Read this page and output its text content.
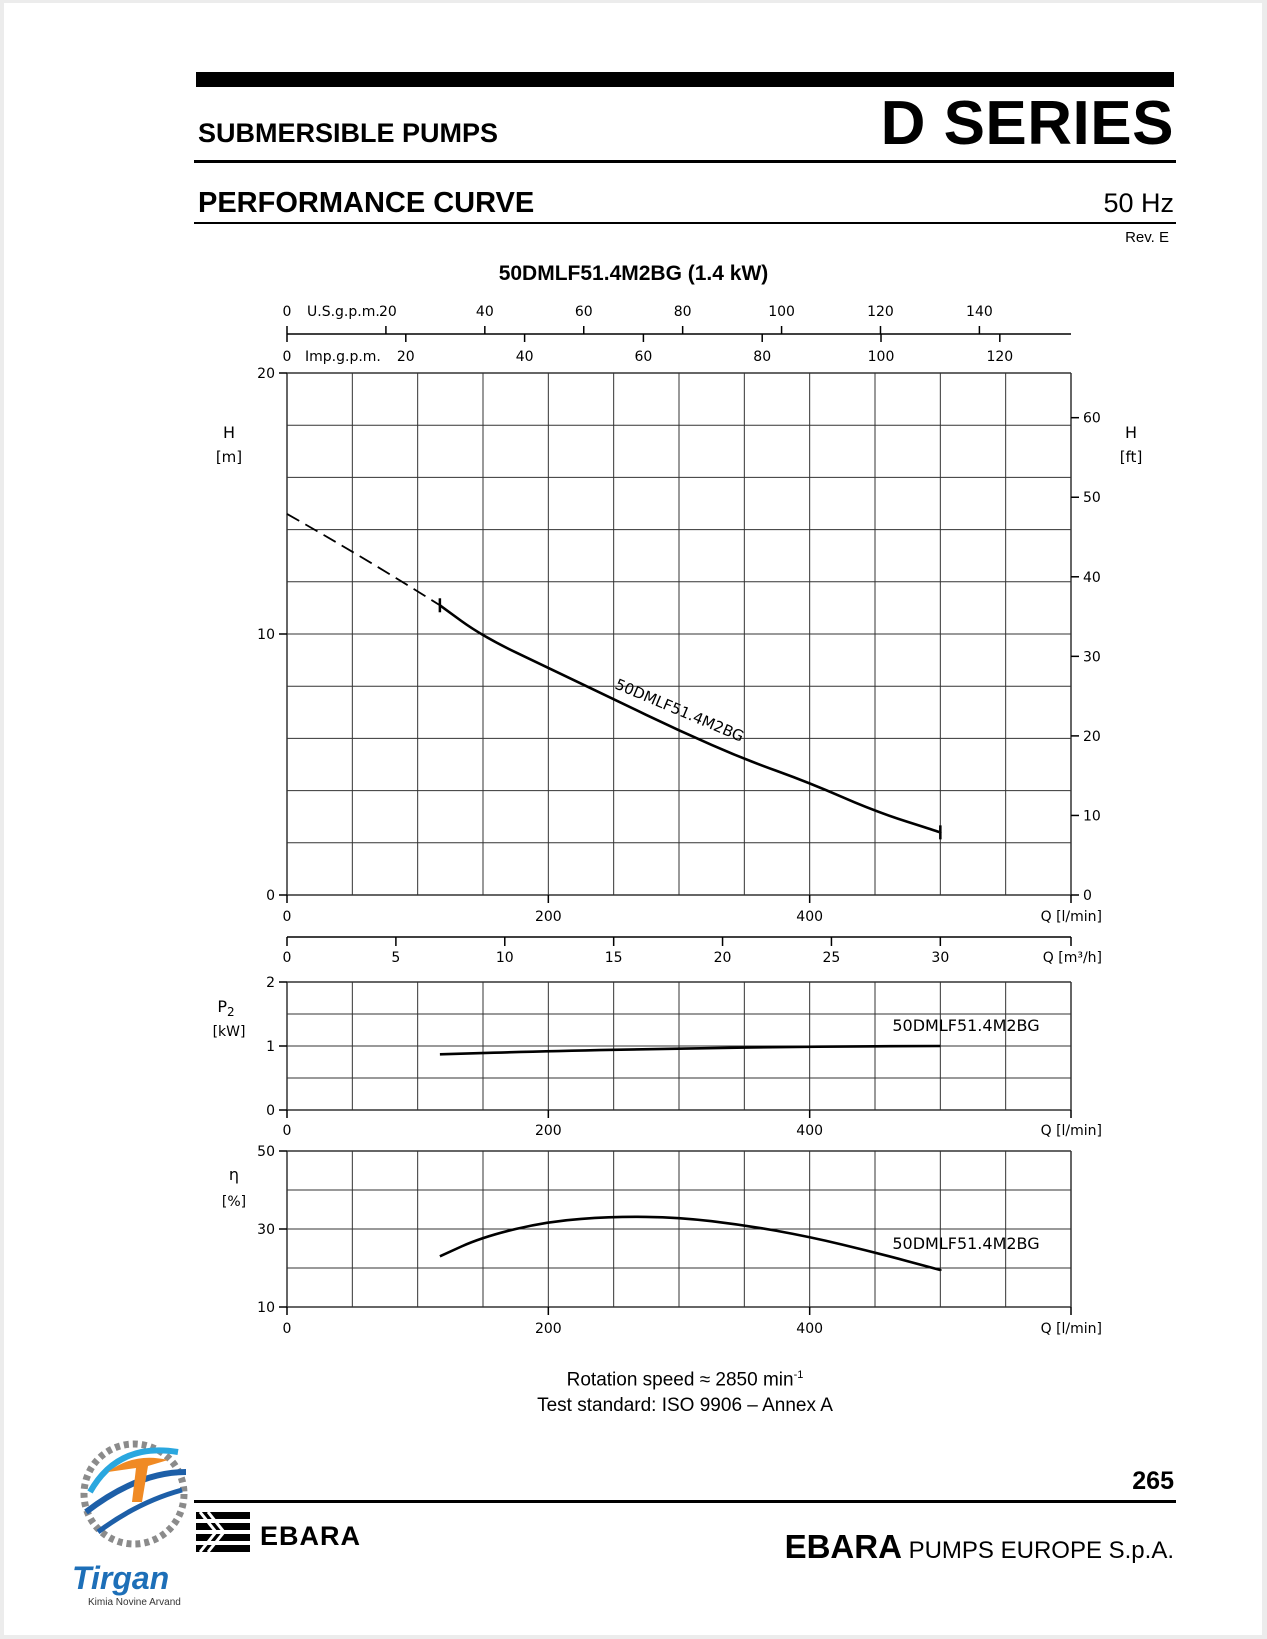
SUBMERSIBLE PUMPS	D SERIES
PERFORMANCE CURVE	50 Hz
Rev. E
50DMLF51.4M2BG (1.4 kW)
0 U.S.g.p.m. 20	40	60	80	100	120	140
20	40	60	80	100	120
0 Imp.g.p.m.
0
10
20
0
10
20
30
40
50
60
H
[m]
H
[ft]
0	200	400	Q [l/min]
50DMLF51.4M2BG
0	5	10	15	20	25	30	Q [m³/h]
0
1
2
$P_2$
[kW]
0	200	400	Q [l/min]
50DMLF51.4M2BG
10
30
50
η
[%]
0	200	400	Q [l/min]
50DMLF51.4M2BG
Rotation speed ≈ 2850 $\min^{-1}$
Test standard: ISO 9906 – Annex A
265
EBARA PUMPS EUROPE S.p.A.
EBARA
Tirgan
Kimia Novine Arvand
